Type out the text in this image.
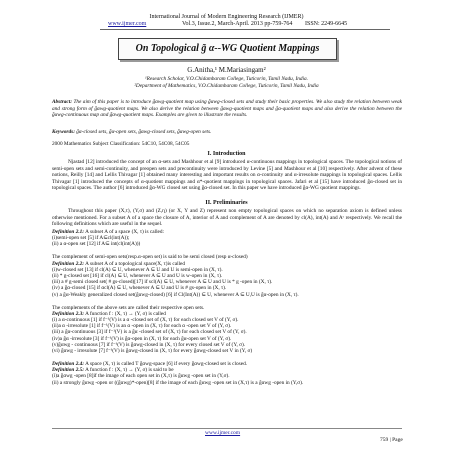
International Journal of Modern Engineering Research (IJMER)
www.ijmer.com	Vol.3, Issue.2, March-April. 2013 pp-759-764 ISSN: 2249-6645
On Topological g̃ α--WG Quotient Mappings
G.Anitha,¹ M.Mariasingam²
¹Research Scholar, V.O.Chidambaram College, Tuticorin, Tamil Nadu, India.
²Department of Mathematics, V.O.Chidambaram College, Tuticorin, Tamil Nadu, India
Abstract: The aim of this paper is to introduce g̃αwg-quotient map using g̃αwg-closed sets and study their basic properties. We also study the relation between weak and strong form of g̃αwg-quotient maps. We also derive the relation between g̃αwg-quotient maps and g̃α-quotient maps and also derive the relation between the g̃αwg-continuous map and g̃αwg-quotient maps. Examples are given to illustrate the results.
Keywords: g̃α-closed sets, g̃α-open sets, g̃αwg-closed sets, g̃αwg-open sets.
2000 Mathematics Subject Classification: 54C10, 54C08, 54C05
I. Introduction
Njastad [12] introduced the concept of an α-sets and Mashhour et al [9] introduced α-continuous mappings in topological spaces. The topological notions of semi-open sets and semi-continuity, and preopen sets and precontinuity were introduced by Levine [5] and Mashhour et al [10] respectively. After advent of these notions, Reilly [14] and Lellis Thivagar [1] obtained many interesting and important results on α-continuity and α-irresolute mappings in topological spaces. Lellis Thivagar [1] introduced the concepts of α-quotient mappings and α*-quotient mappings in topological spaces. Jafari et al [15] have introduced g̃α-closed set in topological spaces. The author [6] introduced g̃α-WG closed set using g̃α-closed set. In this paper we have introduced g̃α-WG quotient mappings.
II. Preliminaries
Throughout this paper (X,τ), (Y,σ) and (Z,η) (or X, Y and Z) represent non empty topological spaces on which no separation axiom is defined unless otherwise mentioned. For a subset A of a space the closure of A, interior of A and complement of A are denoted by cl(A), int(A) and Aᶜ respectively. We recall the following definitions which are useful in the sequel.
Definition 2.1: A subset A of a space (X, τ) is called:
(i)semi-open set [5] if A⊆cl(int(A));
(ii) a α-open set [12] if A⊆ int(cl(int(A)))
The complement of semi-open sets(resp.α-open set) is said to be semi closed (resp α-closed)
Definition 2.2: A subset A of a topological space(X, τ)is called
(i)w-closed set [13] if cl(A) ⊆ U, whenever A ⊆ U and U is semi-open in (X, τ).
(ii) * g-closed set [16] if cl(A) ⊆ U, whenever A ⊆ U and U is w-open in (X, τ).
(iii) a # g-semi closed set( # gs-closed)[17] if scl(A) ⊆ U, whenever A ⊆ U and U is * g -open in (X, τ).
(iv) a g̃α-closed [15] if αcl(A) ⊆ U, whenever A ⊆ U and U is # gs-open in (X, τ).
(v) a g̃α-Weakly generalized closed set(g̃αwg-closed) [6] if Cl(Int(A)) ⊆ U, whenever A ⊆ U,U is g̃α-open in (X, τ).
The complements of the above sets are called their respective open sets.
Definition 2.3: A function f : (X, τ) → (Y, σ) is called
(i) a α-continuous [1] if f⁻¹(V) is a α -closed set of (X, τ) for each closed set V of (Y, σ).
(ii)a α -irresolute [1] if f⁻¹(V) is an α -open in (X, τ) for each α -open set V of (Y, σ).
(iii) a g̃α-continuous [3] if f⁻¹(V) is a g̃α -closed set of (X, τ) for each closed set V of (Y, σ).
(iv)a g̃α -irresolute [3] if f⁻¹(V) is g̃α-open in (X, τ) for each g̃α-open set V of (Y, σ).
(v)g̃αwg - continuous [7] if f⁻¹(V) is g̃αwg-closed in (X, τ) for every closed set V of (Y, σ).
(vi) g̃αwg - irresolute [7] f⁻¹(V) is g̃αwg-closed in (X, τ) for every g̃αwg-closed set V in (Y, σ)
Definition 2.4: A space (X, τ) is called T g̃αwg-space [6] if every g̃αwg-closed set is closed.
Definition 2.5: A function f : (X, τ) → (Y, σ) is said to be
(i)a g̃αwg -open [8]if the image of each open set in (X,τ) is g̃αwg -open set in (Y,σ).
(ii) a strongly g̃αwg -open or ((g̃αwg)*-open)[8] if the image of each g̃αwg -open set in (X,τ) is a g̃αwg -open in (Y,σ).
www.ijmer.com
759 | Page
